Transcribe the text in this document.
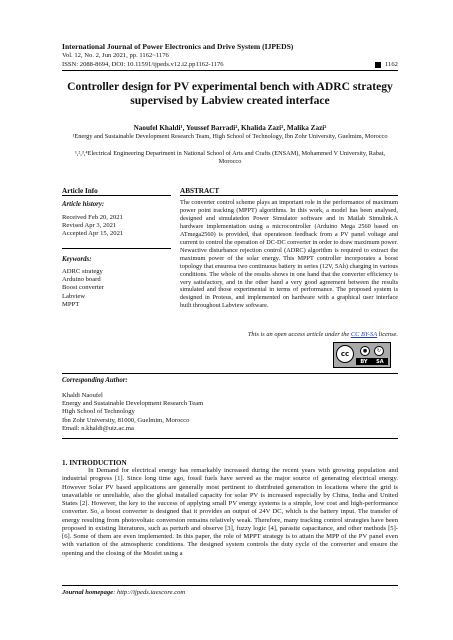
International Journal of Power Electronics and Drive System (IJPEDS)
Vol. 12, No. 2, Jun 2021, pp. 1162~1176
ISSN: 2088-8694, DOI: 10.11591/ijpeds.v12.i2.pp1162-1176	1162
Controller design for PV experimental bench with ADRC strategy supervised by Labview created interface
Naoufel Khaldi¹, Youssef Barradi², Khalida Zazi², Malika Zazi²
¹Energy and Sustainable Development Research Team, High School of Technology, Ibn Zohr University, Guelmim, Morocco
¹,²,³,⁴Electrical Engineering Department in National School of Arts and Crafts (ENSAM), Mohammed V University, Rabat, Morocco
Article Info
Article history:
Received Feb 20, 2021
Revised Apr 3, 2021
Accepted Apr 15, 2021
Keywords:
ADRC strategy
Arduino board
Boost converter
Labview
MPPT
ABSTRACT
The converter control scheme plays an important role in the performance of maximum power point tracking (MPPT) algorithms. In this work, a model has been analysed, designed and simulatedon Power Simulator software and in Matlab Simulink.A hardware implementation using a microcontroller (Arduino Mega 2560 based on ATmega2560) is provided, that operateson feedback from a PV panel voltage and current to control the operation of DC-DC converter in order to draw maximum power. Newactive disturbance rejection control (ADRC) algorithm is required to extract the maximum power of the solar energy. This MPPT controller incorporates a boost topology that ensuresa two continuous battery in series (12V, 5Ah) charging in various conditions. The whole of the results shows in one hand that the converter efficiency is very satisfactory, and in the other hand a very good agreement between the results simulated and those experimental in terms of performance. The proposed system is designed in Proteus, and implemented on hardware with a graphical user interface built throughout Labview software.
This is an open access article under the CC BY-SA license.
cc	●	↻
BY SA
Corresponding Author:
Khaldi Naoufel
Energy and Sustainable Development Research Team
High School of Technology
Ibn Zohr University, 81000, Guelmim, Morocco
Email: n.khaldi@uiz.ac.ma
1. INTRODUCTION
In Demand for electrical energy has remarkably increased during the recent years with growing population and industrial progress [1]. Since long time ago, fossil fuels have served as the major source of generating electrical energy. However Solar PV based applications are generally most pertinent to distributed generation in locations where the grid is unavailable or unreliable, also the global installed capacity for solar PV is increased especially by China, India and United States [2]. However, the key to the success of applying small PV energy systems is a simple, low cost and high-performance converter. So, a boost converter is designed that it provides an output of 24V DC, which is the battery input. The transfer of energy resulting from photovoltaic conversion remains relatively weak. Therefore, many tracking control strategies have been proposed in existing literatures, such as perturb and observe [3], fuzzy logic [4], parasite capacitance, and other methods [5]-[6]. Some of them are even implemented. In this paper, the role of MPPT strategy is to attain the MPP of the PV panel even with variation of the atmospheric conditions. The designed system controls the duty cycle of the converter and ensure the opening and the closing of the Mosfet using a
Journal homepage: http://ijpeds.iaescore.com
